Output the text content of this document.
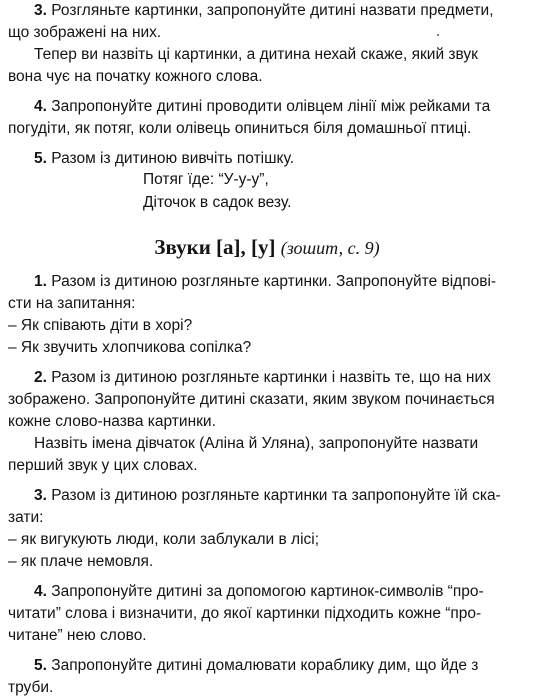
3. Розгляньте картинки, запропонуйте дитині назвати предмети,
що зображені на них.
Тепер ви назвіть ці картинки, а дитина нехай скаже, який звук
вона чує на початку кожного слова.
4. Запропонуйте дитині проводити олівцем лінії між рейками та
погудіти, як потяг, коли олівець опиниться біля домашньої птиці.
5. Разом із дитиною вивчіть потішку.
Потяг їде: “У-у-у”,
Діточок в садок везу.
Звуки [а], [у] (зошит, с. 9)
1. Разом із дитиною розгляньте картинки. Запропонуйте відпові-
сти на запитання:
– Як співають діти в хорі?
– Як звучить хлопчикова сопілка?
2. Разом із дитиною розгляньте картинки і назвіть те, що на них
зображено. Запропонуйте дитині сказати, яким звуком починається
кожне слово-назва картинки.
Назвіть імена дівчаток (Аліна й Уляна), запропонуйте назвати
перший звук у цих словах.
3. Разом із дитиною розгляньте картинки та запропонуйте їй ска-
зати:
– як вигукують люди, коли заблукали в лісі;
– як плаче немовля.
4. Запропонуйте дитині за допомогою картинок-символів “про-
читати” слова і визначити, до якої картинки підходить кожне “про-
читане” нею слово.
5. Запропонуйте дитині домалювати кораблику дим, що йде з
труби.
